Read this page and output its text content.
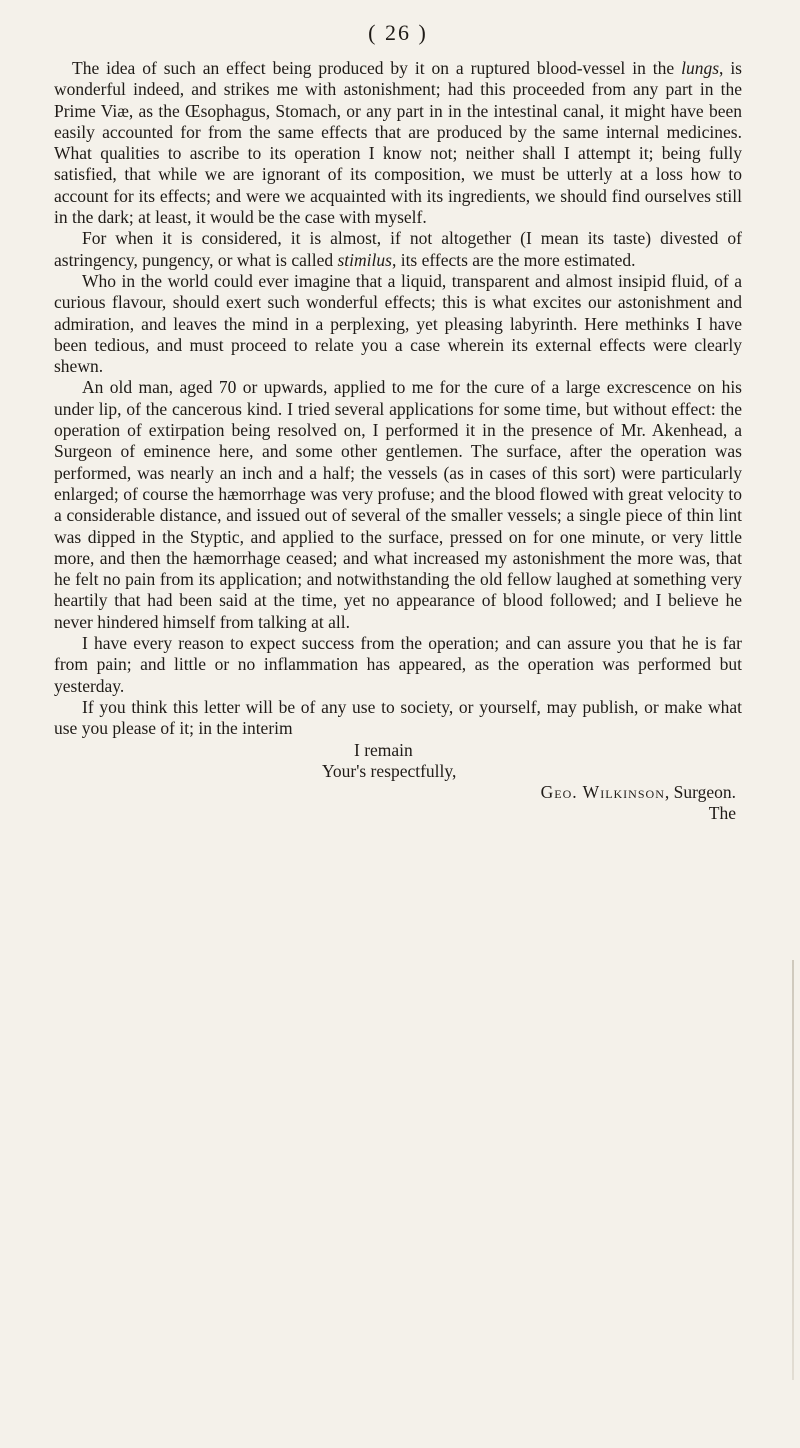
( 26 )

The idea of such an effect being produced by it on a ruptured blood-vessel in the lungs, is wonderful indeed, and strikes me with astonishment; had this proceeded from any part in the Prime Viæ, as the Œsophagus, Stomach, or any part in in the intestinal canal, it might have been easily accounted for from the same effects that are produced by the same internal medicines. What qualities to ascribe to its operation I know not; neither shall I attempt it; being fully satisfied, that while we are ignorant of its composition, we must be utterly at a loss how to account for its effects; and were we acquainted with its ingredients, we should find ourselves still in the dark; at least, it would be the case with myself.

For when it is considered, it is almost, if not altogether (I mean its taste) divested of astringency, pungency, or what is called stimilus, its effects are the more estimated.

Who in the world could ever imagine that a liquid, transparent and almost insipid fluid, of a curious flavour, should exert such wonderful effects; this is what excites our astonishment and admiration, and leaves the mind in a perplexing, yet pleasing labyrinth. Here methinks I have been tedious, and must proceed to relate you a case wherein its external effects were clearly shewn.

An old man, aged 70 or upwards, applied to me for the cure of a large excrescence on his under lip, of the cancerous kind. I tried several applications for some time, but without effect: the operation of extirpation being resolved on, I performed it in the presence of Mr. Akenhead, a Surgeon of eminence here, and some other gentlemen. The surface, after the operation was performed, was nearly an inch and a half; the vessels (as in cases of this sort) were particularly enlarged; of course the hæmorrhage was very profuse; and the blood flowed with great velocity to a considerable distance, and issued out of several of the smaller vessels; a single piece of thin lint was dipped in the Styptic, and applied to the surface, pressed on for one minute, or very little more, and then the hæmorrhage ceased; and what increased my astonishment the more was, that he felt no pain from its application; and notwithstanding the old fellow laughed at something very heartily that had been said at the time, yet no appearance of blood followed; and I believe he never hindered himself from talking at all.

I have every reason to expect success from the operation; and can assure you that he is far from pain; and little or no inflammation has appeared, as the operation was performed but yesterday.

If you think this letter will be of any use to society, or yourself, may publish, or make what use you please of it; in the interim

I remain
Your's respectfully,
Geo. Wilkinson, Surgeon.
The
